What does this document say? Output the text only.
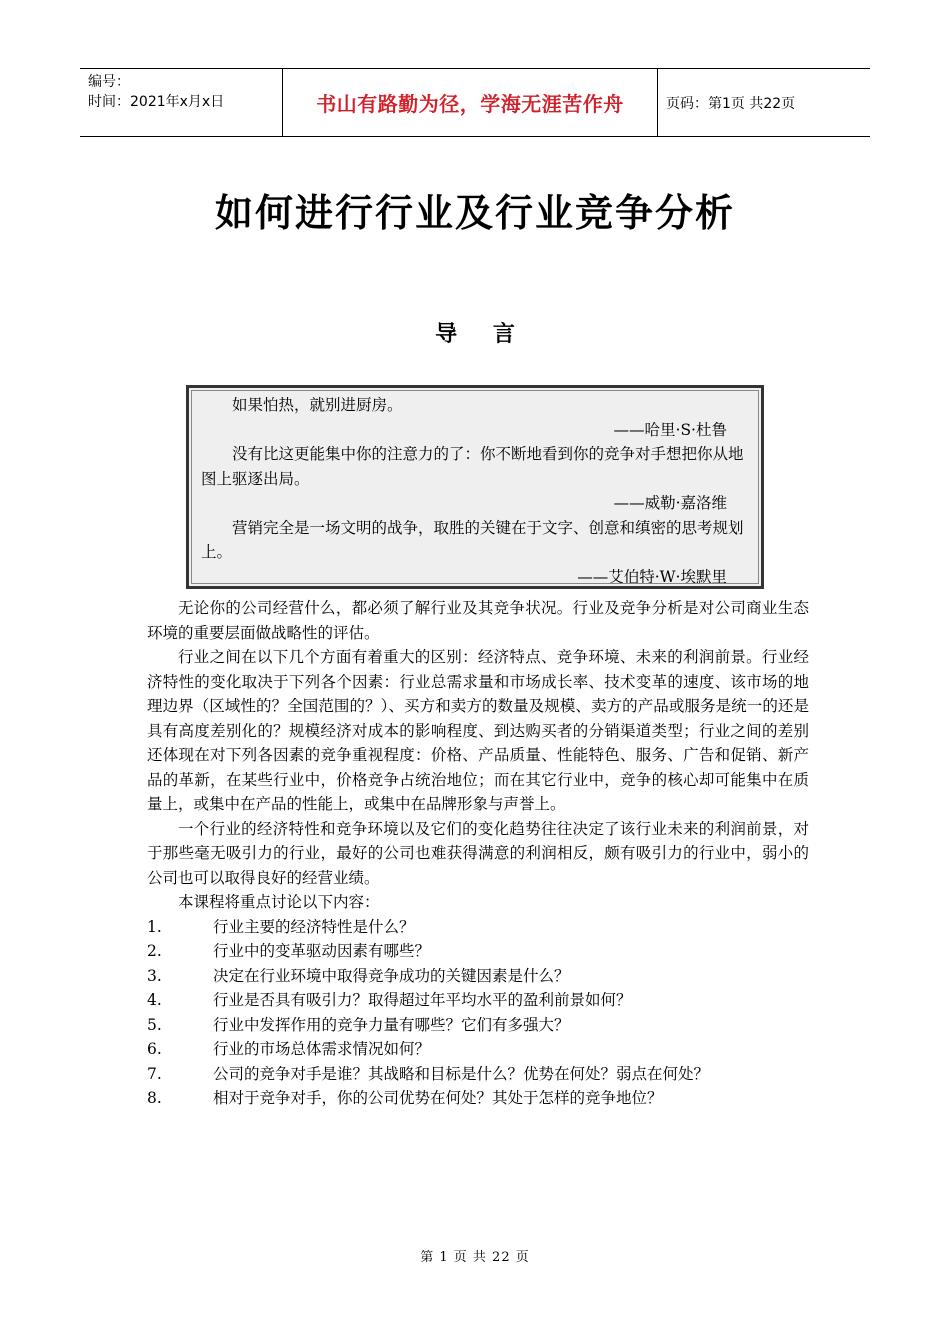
编号：
时间：2021年x月x日	书山有路勤为径，学海无涯苦作舟	页码：第1页 共22页
如何进行行业及行业竞争分析
导 言

如果怕热，就别进厨房。

——哈里·S·杜鲁

没有比这更能集中你的注意力的了：你不断地看到你的竞争对手想把你从地图上驱逐出局。

——威勒·嘉洛维

营销完全是一场文明的战争，取胜的关键在于文字、创意和缜密的思考规划上。

——艾伯特·W·埃默里

无论你的公司经营什么，都必须了解行业及其竞争状况。行业及竞争分析是对公司商业生态环境的重要层面做战略性的评估。

行业之间在以下几个方面有着重大的区别：经济特点、竞争环境、未来的利润前景。行业经济特性的变化取决于下列各个因素：行业总需求量和市场成长率、技术变革的速度、该市场的地理边界（区域性的？全国范围的？）、买方和卖方的数量及规模、卖方的产品或服务是统一的还是具有高度差别化的？规模经济对成本的影响程度、到达购买者的分销渠道类型；行业之间的差别还体现在对下列各因素的竞争重视程度：价格、产品质量、性能特色、服务、广告和促销、新产品的革新，在某些行业中，价格竞争占统治地位；而在其它行业中，竞争的核心却可能集中在质量上，或集中在产品的性能上，或集中在品牌形象与声誉上。

一个行业的经济特性和竞争环境以及它们的变化趋势往往决定了该行业未来的利润前景，对于那些毫无吸引力的行业，最好的公司也难获得满意的利润相反，颇有吸引力的行业中，弱小的公司也可以取得良好的经营业绩。

本课程将重点讨论以下内容：

1.	行业主要的经济特性是什么？
2.	行业中的变革驱动因素有哪些？
3.	决定在行业环境中取得竞争成功的关键因素是什么？
4.	行业是否具有吸引力？取得超过年平均水平的盈利前景如何？
5.	行业中发挥作用的竞争力量有哪些？它们有多强大？
6.	行业的市场总体需求情况如何？
7.	公司的竞争对手是谁？其战略和目标是什么？优势在何处？弱点在何处？
8.	相对于竞争对手，你的公司优势在何处？其处于怎样的竞争地位？
第 1 页 共 22 页
